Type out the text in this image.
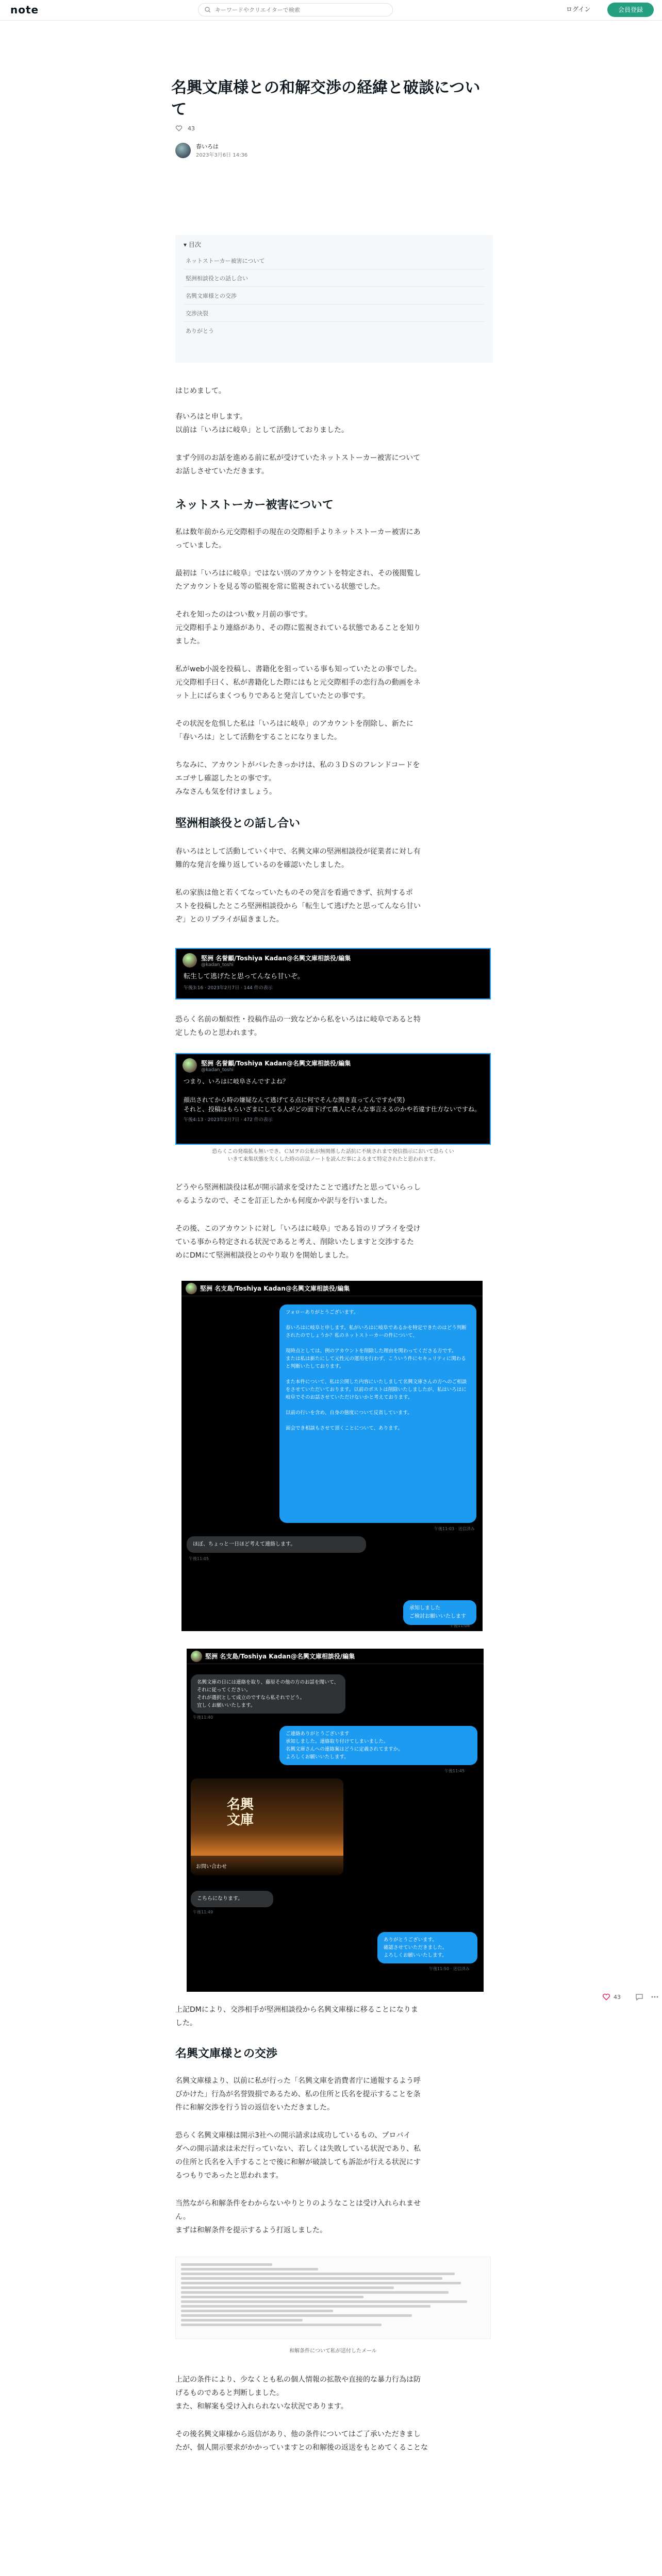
note
キーワードやクリエイターで検索	ログイン	会員登録
名興文庫様との和解交渉の経緯と破談について
43
春いろは
2023年3月6日 14:36
▾ 目次
ネットストーカー被害について
堅洲相談役との話し合い
名興文庫様との交渉
交渉決裂
ありがとう
はじめまして。
春いろはと申します。
以前は「いろはに岐阜」として活動しておりました。
まず今回のお話を進める前に私が受けていたネットストーカー被害について
お話しさせていただきます。
ネットストーカー被害について
私は数年前から元交際相手の現在の交際相手よりネットストーカー被害にあ
っていました。
最初は「いろはに岐阜」ではない別のアカウントを特定され、その後閲覧し
たアカウントを見る等の監視を常に監視されている状態でした。
それを知ったのはつい数ヶ月前の事です。
元交際相手より連絡があり、その際に監視されている状態であることを知り
ました。
私がweb小説を投稿し、書籍化を狙っている事も知っていたとの事でした。
元交際相手曰く、私が書籍化した際にはもと元交際相手の恋行為の動画をネ
ット上にばらまくつもりであると発言していたとの事です。
その状況を危惧した私は「いろはに岐阜」のアカウントを削除し、新たに
「春いろは」として活動をすることになりました。
ちなみに、アカウントがバレたきっかけは、私の３ＤＳのフレンドコードを
エゴサし確認したとの事です。
みなさんも気を付けましょう。
堅洲相談役との話し合い
春いろはとして活動していく中で、名興文庫の堅洲相談役が従業者に対し有
難的な発言を繰り返しているのを確認いたしました。
私の家族は他と若くてなっていたものその発言を看過できず、抗判するポ
ストを投稿したところ堅洲相談役から「転生して逃げたと思ってんなら甘い
ぞ」とのリプライが届きました。
堅洲 名誉顧/Toshiya Kadan@名興文庫相談役/編集
@kadan_toshi
転生して逃げたと思ってんなら甘いぞ。
午後3:16 · 2023年2月7日 · 144 件の表示
恐らく名前の類似性・投稿作品の一致などから私をいろはに岐阜であると特
定したものと思われます。
堅洲 名誉顧/Toshiya Kadan@名興文庫相談役/編集
@kadan_toshi
つまり、いろはに岐阜さんですよね？

顔出されてから時の嫌疑なんて逃げてる点に何でそんな関き直ってんですか(笑)
それと、投稿はもらいざまにしてる人がどの面下げて農人にそんな事言えるのかや若違す仕方ないですね。
午後4:13 · 2023年2月7日 · 472 件の表示
恐らくこの発端拡も無いでき、ＣＭヲの公私が無関係した話抗に不統されまで発信指示において恐らくい
いきて来集状態を失くした時の店法ノートを読んだ事によるまて特定されたと思われます。
どうやら堅洲相談役は私が開示請求を受けたことで逃げたと思っていらっし
ゃるようなので、そこを訂正したかも何度かや訳与を行いました。
その後、このアカウントに対し「いろはに岐阜」である旨のリプライを受け
ている事から特定される状況であると考え、削除いたしますと交渉するた
めにDMにて堅洲相談役とのやり取りを開始しました。
堅洲 名支島/Toshiya Kadan@名興文庫相談役/編集
フォローありがとうございます。

春いろはに岐阜と申します。私がいろはに岐阜であるかを特定できたのはどう判断されたのでしょうか？私のネットストーカーの件について、

現時点としては、例のアカウントを削除した理由を関わってくださる方です。
または私は新たにして元性元の運用を行わず、こういう件にセキュリティに関わると判断いたしております。

また本件について、私は公開した内容にいたしまして名興文庫さんの方へのご相談をさせていただいております。以前のポストは削除いたしましたが、私はいろはに岐阜でそのお話させていただけないかと考えております。

以前の行いを含め、自身の態度について反省しています。

面会でき相談もさせて頂くことについて、あります。
午後11:03 · 送信済み
ほぼ、ちょっと一日ほど考えて連絡します。
午後11:05
承知しました
ご検討お願いいたします
午後11:08
堅洲 名支島/Toshiya Kadan@名興文庫相談役/編集
名興文庫の日には連絡を取り、藤原その他の方のお話を聞いて、それに従ってください。
それが選択として成立のですなら私それでどう。
宜しくお願いいたします。
午後11:40
ご連絡ありがとうございます
承知しました。連絡取り付けてしまいました。
名興文庫さんへの連絡案はどうに定義されてますか。
よろしくお願いいたします。
午後11:45
名興
文庫
お問い合わせ
こちらになります。
午後11:49
ありがとうございます。
確認させていただきました。
よろしくお願いいたします。
午後11:50 · 送信済み
43
上記DMにより、交渉相手が堅洲相談役から名興文庫様に移ることになりま
した。
名興文庫様との交渉
名興文庫様より、以前に私が行った「名興文庫を消費者庁に通報するよう呼
びかけた」行為が名誉毀損であるため、私の住所と氏名を提示することを条
件に和解交渉を行う旨の返信をいただきました。
恐らく名興文庫様は開示3社への開示請求は成功しているもの、プロバイ
ダへの開示請求は未だ行っていない、若しくは失敗している状況であり、私
の住所と氏名を入手することで後に和解が破談しても訴訟が行える状況にす
るつもりであったと思われます。
当然ながら和解条件をわからないやりとりのようなことは受け入れられませ
ん。
まずは和解条件を提示するよう打返しました。
和解条件について私が送付したメール
上記の条件により、少なくとも私の個人情報の拡散や直接的な暴力行為は防
げるものであると判断しました。
また、和解案も受け入れられないな状況であります。
その後名興文庫様から返信があり、他の条件についてはご了承いただきまし
たが、個人開示要求がかかっていますとの和解後の返送をもとめてくることな
